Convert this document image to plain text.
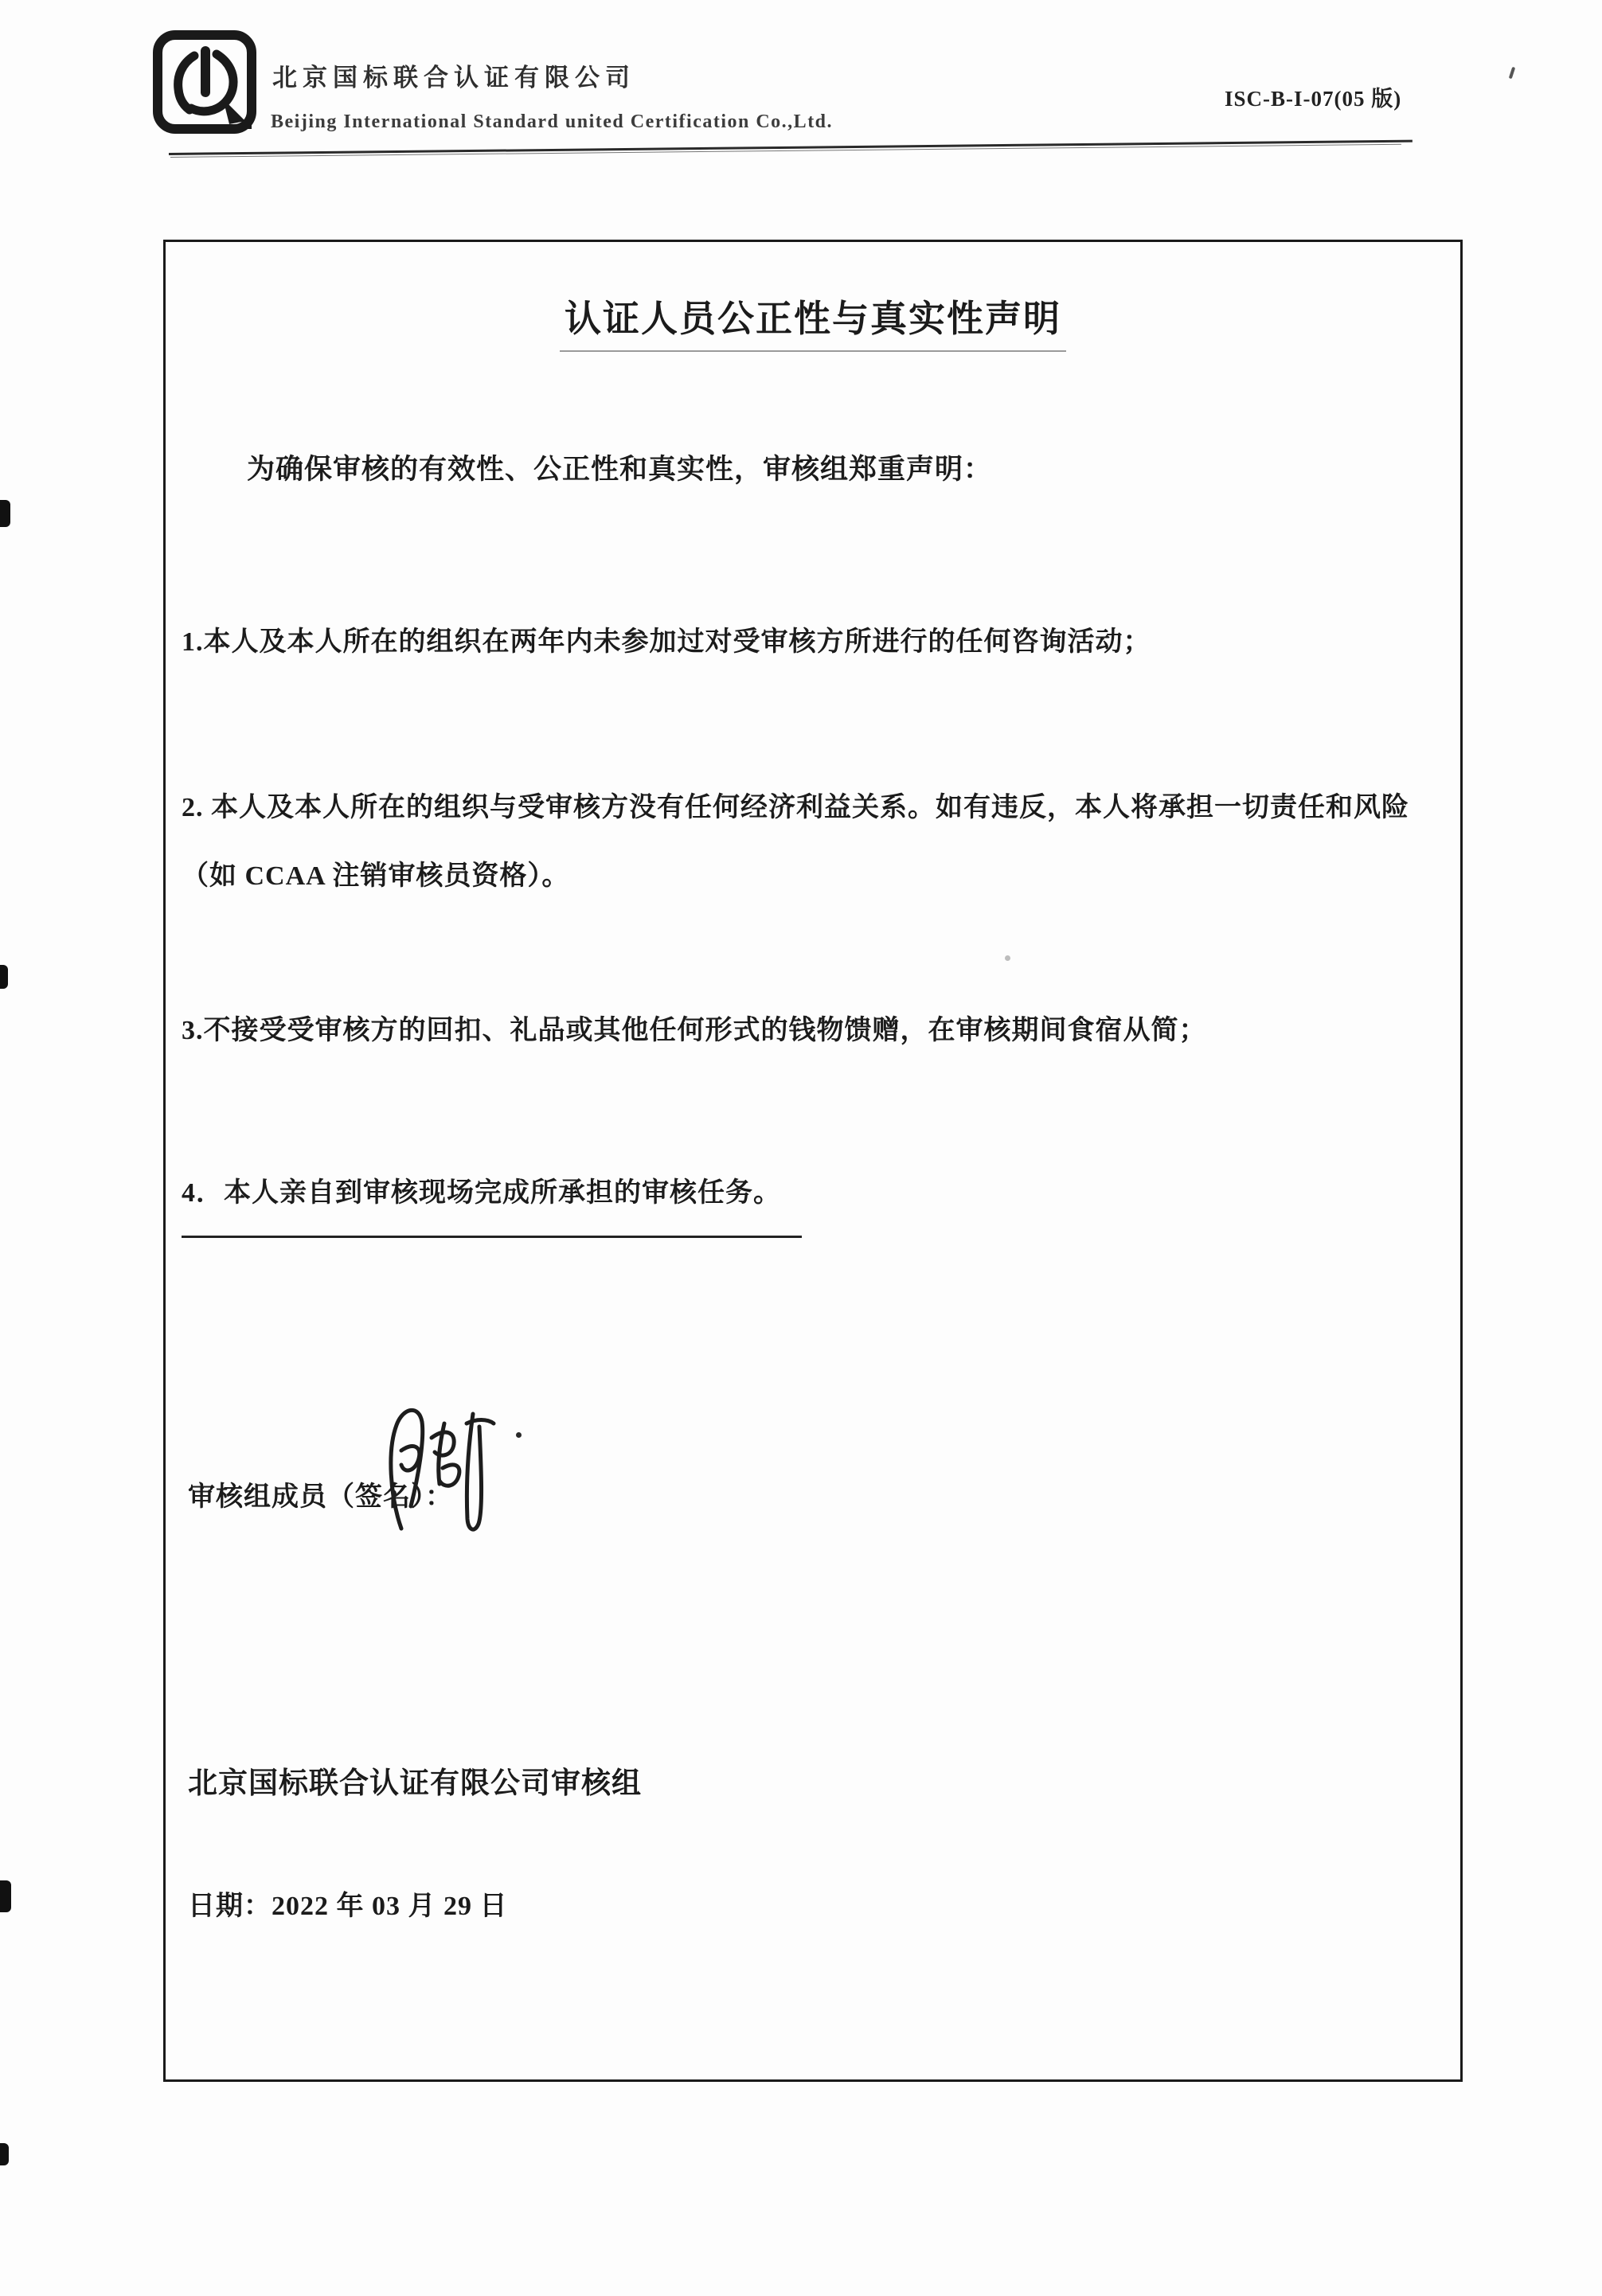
北京国标联合认证有限公司
Beijing International Standard united Certification Co.,Ltd.
ISC-B-I-07(05 版)
认证人员公正性与真实性声明
为确保审核的有效性、公正性和真实性，审核组郑重声明：

1.本人及本人所在的组织在两年内未参加过对受审核方所进行的任何咨询活动；

2. 本人及本人所在的组织与受审核方没有任何经济利益关系。如有违反，本人将承担一切责任和风险（如 CCAA 注销审核员资格）。

3.不接受受审核方的回扣、礼品或其他任何形式的钱物馈赠，在审核期间食宿从简；

4．本人亲自到审核现场完成所承担的审核任务。

审核组成员（签名）：
北京国标联合认证有限公司审核组
日期：2022 年 03 月 29 日
